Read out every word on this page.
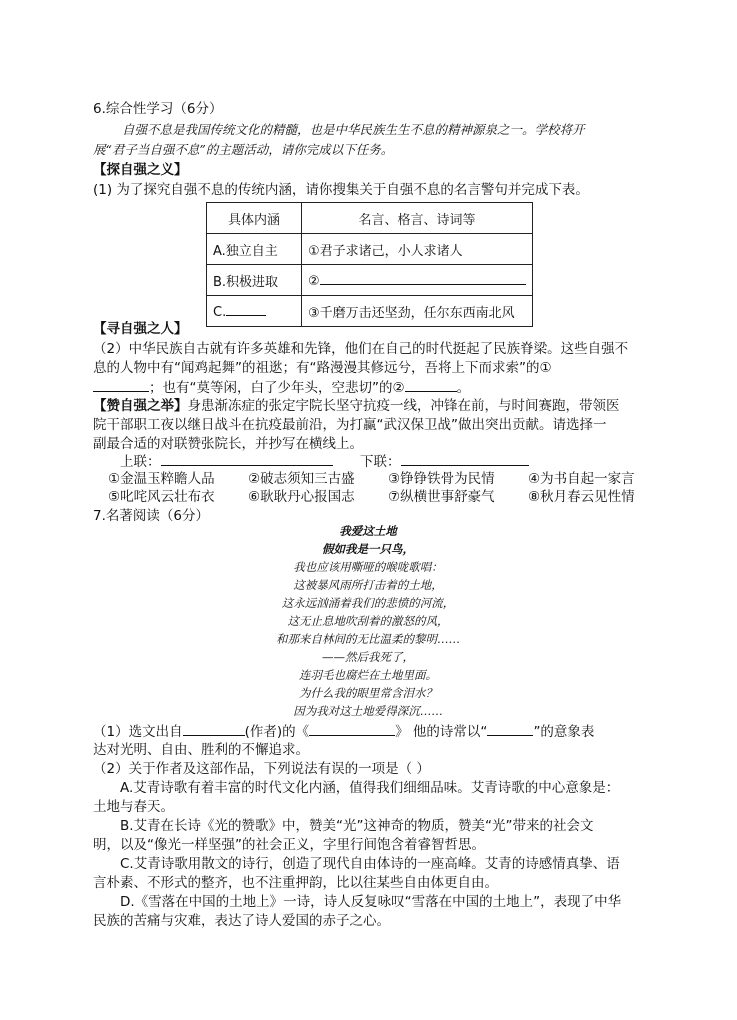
6.综合性学习（6分）
自强不息是我国传统文化的精髓，也是中华民族生生不息的精神源泉之一。学校将开
展“君子当自强不息”的主题活动，请你完成以下任务。
【探自强之义】
(1) 为了探究自强不息的传统内涵，请你搜集关于自强不息的名言警句并完成下表。
具体内涵	名言、格言、诗词等
A.独立自主	①君子求诸己，小人求诸人
B.积极进取	②
C.	③千磨万击还坚劲，任尔东西南北风
【寻自强之人】
（2）中华民族自古就有许多英雄和先锋，他们在自己的时代挺起了民族脊梁。这些自强不
息的人物中有“闻鸡起舞”的祖逖；有“路漫漫其修远兮，吾将上下而求索”的①
；也有“莫等闲，白了少年头，空悲切”的②	。
【赞自强之举】身患渐冻症的张定宇院长坚守抗疫一线，冲锋在前，与时间赛跑，带领医
院干部职工夜以继日战斗在抗疫最前沿，为打赢“武汉保卫战”做出突出贡献。请选择一
副最合适的对联赞张院长，并抄写在横线上。
上联：	下联：
①金温玉粹瞻人品 ②破志须知三古盛 ③铮铮铁骨为民情 ④为书自起一家言
⑤叱咤风云壮布衣 ⑥耿耿丹心报国志 ⑦纵横世事舒豪气 ⑧秋月春云见性情
7.名著阅读（6分）
我爱这土地
假如我是一只鸟，
我也应该用嘶哑的喉咙歌唱：
这被暴风雨所打击着的土地，
这永远汹涌着我们的悲愤的河流，
这无止息地吹刮着的激怒的风，
和那来自林间的无比温柔的黎明……
——然后我死了，
连羽毛也腐烂在土地里面。
为什么我的眼里常含泪水？
因为我对这土地爱得深沉……
（1）选文出自	(作者)的《	》 他的诗常以“	”的意象表
达对光明、自由、胜利的不懈追求。
（2）关于作者及这部作品，下列说法有误的一项是（ ）
A.艾青诗歌有着丰富的时代文化内涵，值得我们细细品味。艾青诗歌的中心意象是：
土地与春天。
B.艾青在长诗《光的赞歌》中，赞美“光”这神奇的物质，赞美“光”带来的社会文
明，以及“像光一样坚强”的社会正义，字里行间饱含着睿智哲思。
C.艾青诗歌用散文的诗行，创造了现代自由体诗的一座高峰。艾青的诗感情真挚、语
言朴素、不形式的整齐，也不注重押韵，比以往某些自由体更自由。
D.《雪落在中国的土地上》一诗，诗人反复咏叹“雪落在中国的土地上”，表现了中华
民族的苦痛与灾难，表达了诗人爱国的赤子之心。
